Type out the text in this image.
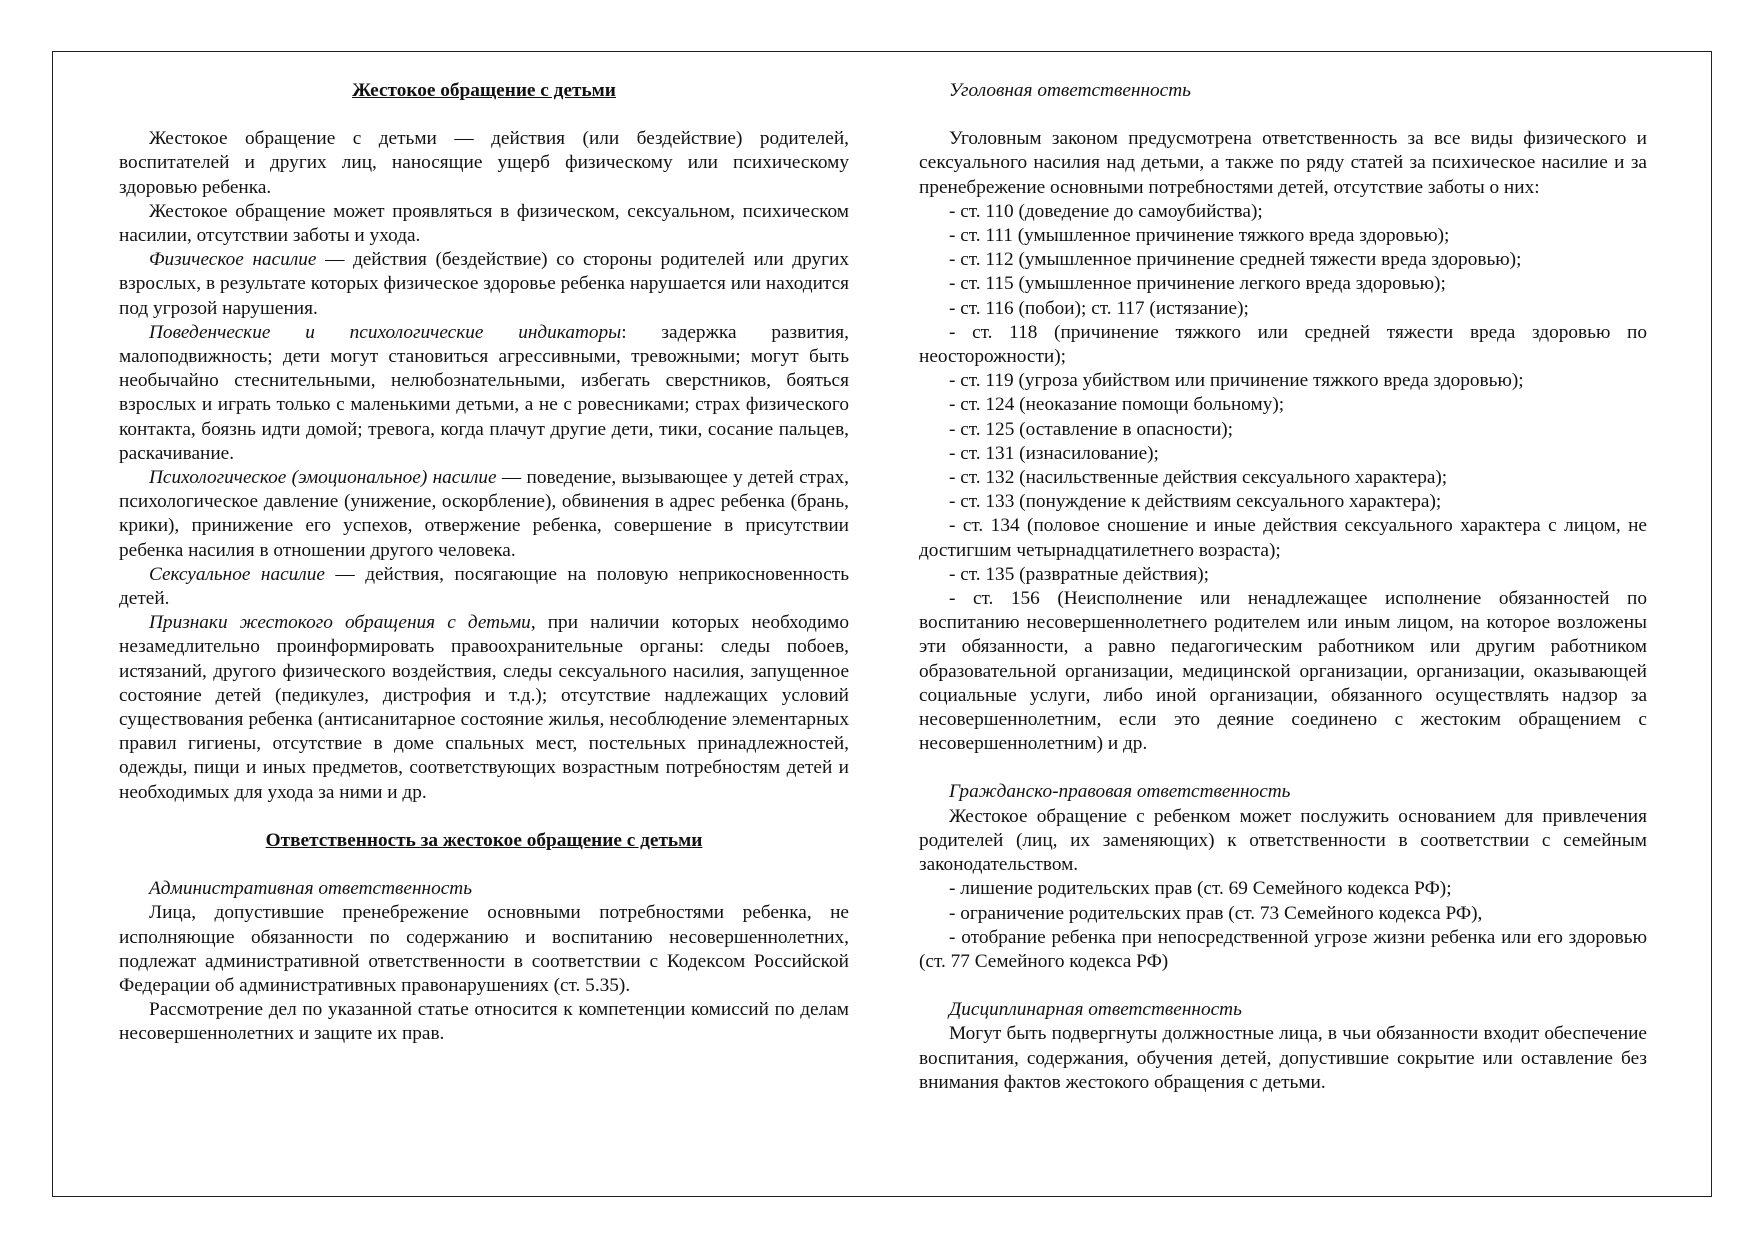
Жестокое обращение с детьми

Жестокое обращение с детьми — действия (или бездействие) родителей, воспитателей и других лиц, наносящие ущерб физическому или психическому здоровью ребенка.

Жестокое обращение может проявляться в физическом, сексуальном, психическом насилии, отсутствии заботы и ухода.

Физическое насилие — действия (бездействие) со стороны родителей или других взрослых, в результате которых физическое здоровье ребенка нарушается или находится под угрозой нарушения.

Поведенческие и психологические индикаторы: задержка развития, малоподвижность; дети могут становиться агрессивными, тревожными; могут быть необычайно стеснительными, нелюбознательными, избегать сверстников, бояться взрослых и играть только с маленькими детьми, а не с ровесниками; страх физического контакта, боязнь идти домой; тревога, когда плачут другие дети, тики, сосание пальцев, раскачивание.

Психологическое (эмоциональное) насилие — поведение, вызывающее у детей страх, психологическое давление (унижение, оскорбление), обвинения в адрес ребенка (брань, крики), принижение его успехов, отвержение ребенка, совершение в присутствии ребенка насилия в отношении другого человека.

Сексуальное насилие — действия, посягающие на половую неприкосновенность детей.

Признаки жестокого обращения с детьми, при наличии которых необходимо незамедлительно проинформировать правоохранительные органы: следы побоев, истязаний, другого физического воздействия, следы сексуального насилия, запущенное состояние детей (педикулез, дистрофия и т.д.); отсутствие надлежащих условий существования ребенка (антисанитарное состояние жилья, несоблюдение элементарных правил гигиены, отсутствие в доме спальных мест, постельных принадлежностей, одежды, пищи и иных предметов, соответствующих возрастным потребностям детей и необходимых для ухода за ними и др.

Ответственность за жестокое обращение с детьми
Административная ответственность

Лица, допустившие пренебрежение основными потребностями ребенка, не исполняющие обязанности по содержанию и воспитанию несовершеннолетних, подлежат административной ответственности в соответствии с Кодексом Российской Федерации об административных правонарушениях (ст. 5.35).

Рассмотрение дел по указанной статье относится к компетенции комиссий по делам несовершеннолетних и защите их прав.

Уголовная ответственность

Уголовным законом предусмотрена ответственность за все виды физического и сексуального насилия над детьми, а также по ряду статей за психическое насилие и за пренебрежение основными потребностями детей, отсутствие заботы о них:

- ст. 110 (доведение до самоубийства);

- ст. 111 (умышленное причинение тяжкого вреда здоровью);

- ст. 112 (умышленное причинение средней тяжести вреда здоровью);

- ст. 115 (умышленное причинение легкого вреда здоровью);

- ст. 116 (побои); ст. 117 (истязание);

- ст. 118 (причинение тяжкого или средней тяжести вреда здоровью по неосторожности);

- ст. 119 (угроза убийством или причинение тяжкого вреда здоровью);

- ст. 124 (неоказание помощи больному);

- ст. 125 (оставление в опасности);

- ст. 131 (изнасилование);

- ст. 132 (насильственные действия сексуального характера);

- ст. 133 (понуждение к действиям сексуального характера);

- ст. 134 (половое сношение и иные действия сексуального характера с лицом, не достигшим четырнадцатилетнего возраста);

- ст. 135 (развратные действия);

- ст. 156 (Неисполнение или ненадлежащее исполнение обязанностей по воспитанию несовершеннолетнего родителем или иным лицом, на которое возложены эти обязанности, а равно педагогическим работником или другим работником образовательной организации, медицинской организации, организации, оказывающей социальные услуги, либо иной организации, обязанного осуществлять надзор за несовершеннолетним, если это деяние соединено с жестоким обращением с несовершеннолетним) и др.

Гражданско-правовая ответственность

Жестокое обращение с ребенком может послужить основанием для привлечения родителей (лиц, их заменяющих) к ответственности в соответствии с семейным законодательством.

- лишение родительских прав (ст. 69 Семейного кодекса РФ);

- ограничение родительских прав (ст. 73 Семейного кодекса РФ),

- отобрание ребенка при непосредственной угрозе жизни ребенка или его здоровью (ст. 77 Семейного кодекса РФ)

Дисциплинарная ответственность

Могут быть подвергнуты должностные лица, в чьи обязанности входит обеспечение воспитания, содержания, обучения детей, допустившие сокрытие или оставление без внимания фактов жестокого обращения с детьми.
